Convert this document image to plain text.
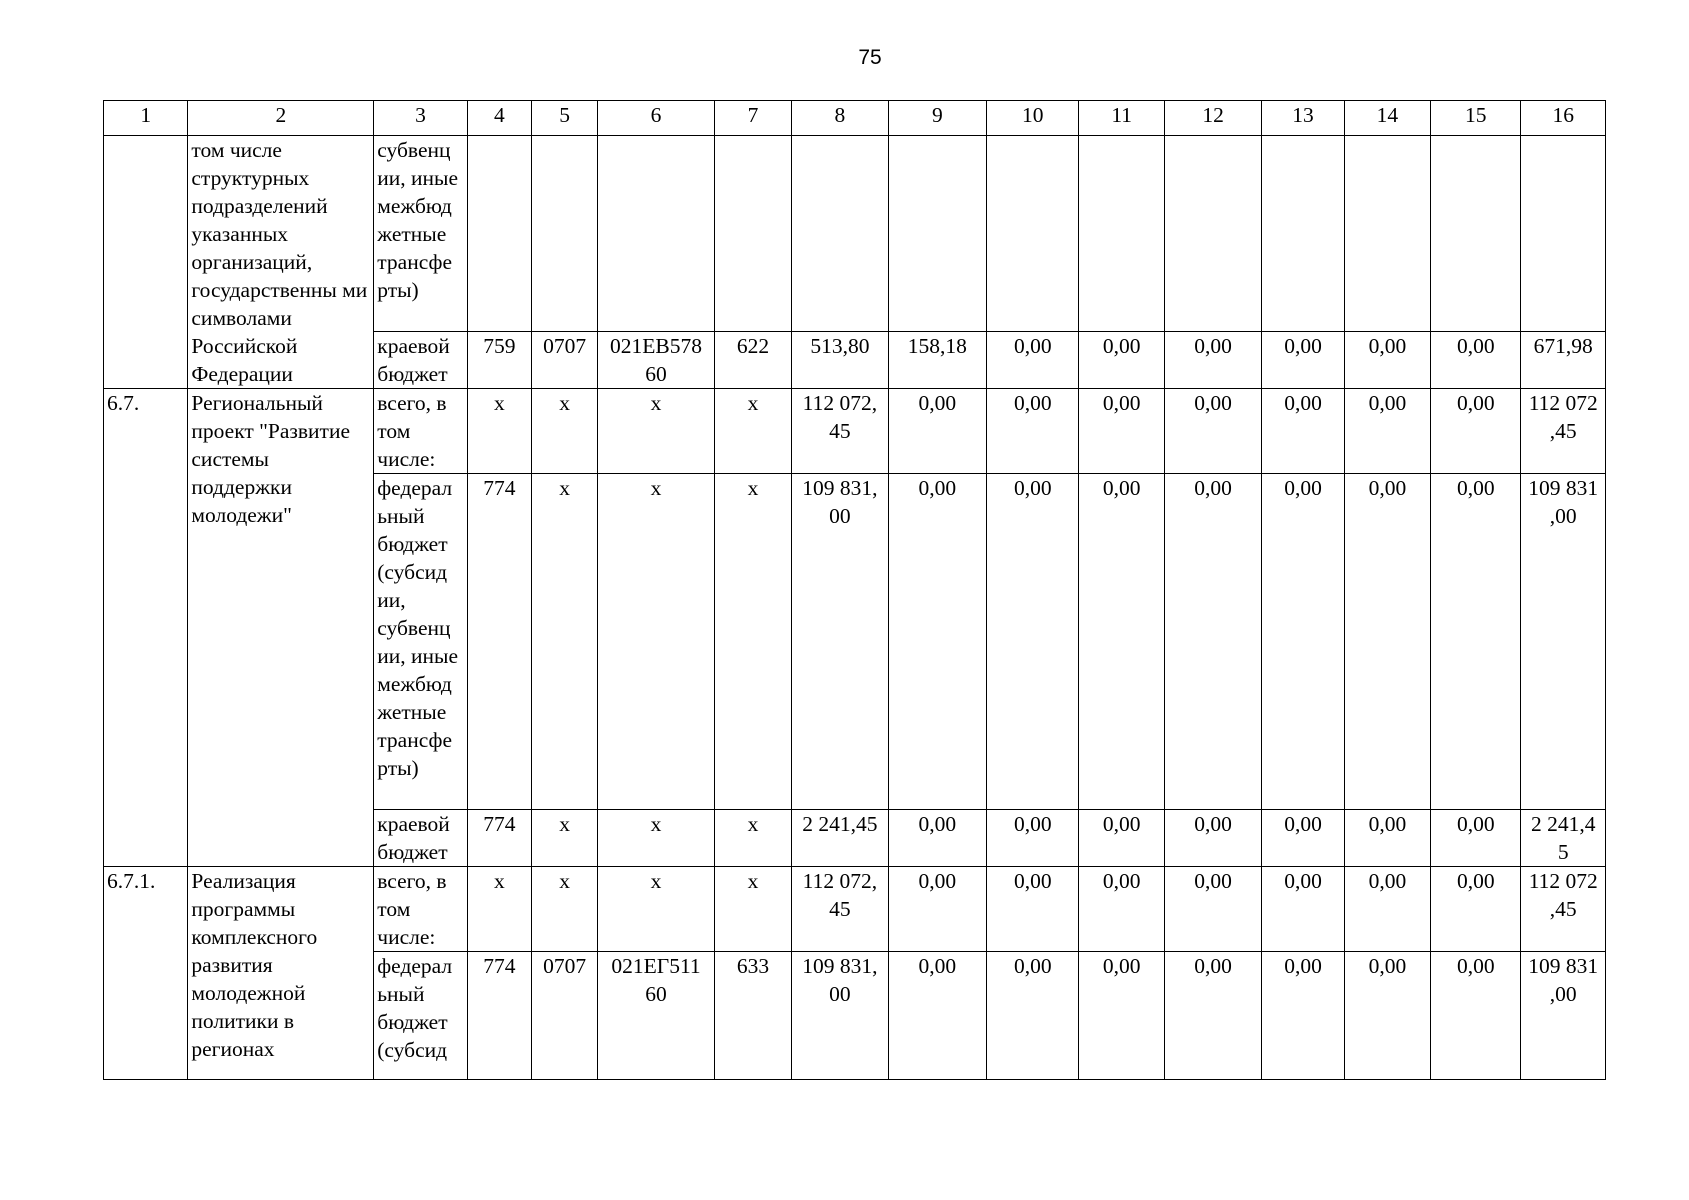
75
1	2	3	4	5	6	7	8	9	10	11	12	13	14	15	16
	том числе структурных подразделений указанных организаций, государственны ми символами Российской Федерации	субвенц ии, иные межбюд жетные трансфе рты)													
		краевой бюджет	759	0707	021EB578 60	622	513,80	158,18	0,00	0,00	0,00	0,00	0,00	0,00	671,98
6.7.	Региональный проект "Развитие системы поддержки молодежи"	всего, в том числе:	x	x	x	x	112 072, 45	0,00	0,00	0,00	0,00	0,00	0,00	0,00	112 072 ,45
		федерал ьный бюджет (субсид ии, субвенц ии, иные межбюд жетные трансфе рты)	774	x	x	x	109 831, 00	0,00	0,00	0,00	0,00	0,00	0,00	0,00	109 831 ,00
		краевой бюджет	774	x	x	x	2 241,45	0,00	0,00	0,00	0,00	0,00	0,00	0,00	2 241,4 5
6.7.1.	Реализация программы комплексного развития молодежной политики в регионах	всего, в том числе:	x	x	x	x	112 072, 45	0,00	0,00	0,00	0,00	0,00	0,00	0,00	112 072 ,45
		федерал ьный бюджет (субсид	774	0707	021EГ511 60	633	109 831, 00	0,00	0,00	0,00	0,00	0,00	0,00	0,00	109 831 ,00
